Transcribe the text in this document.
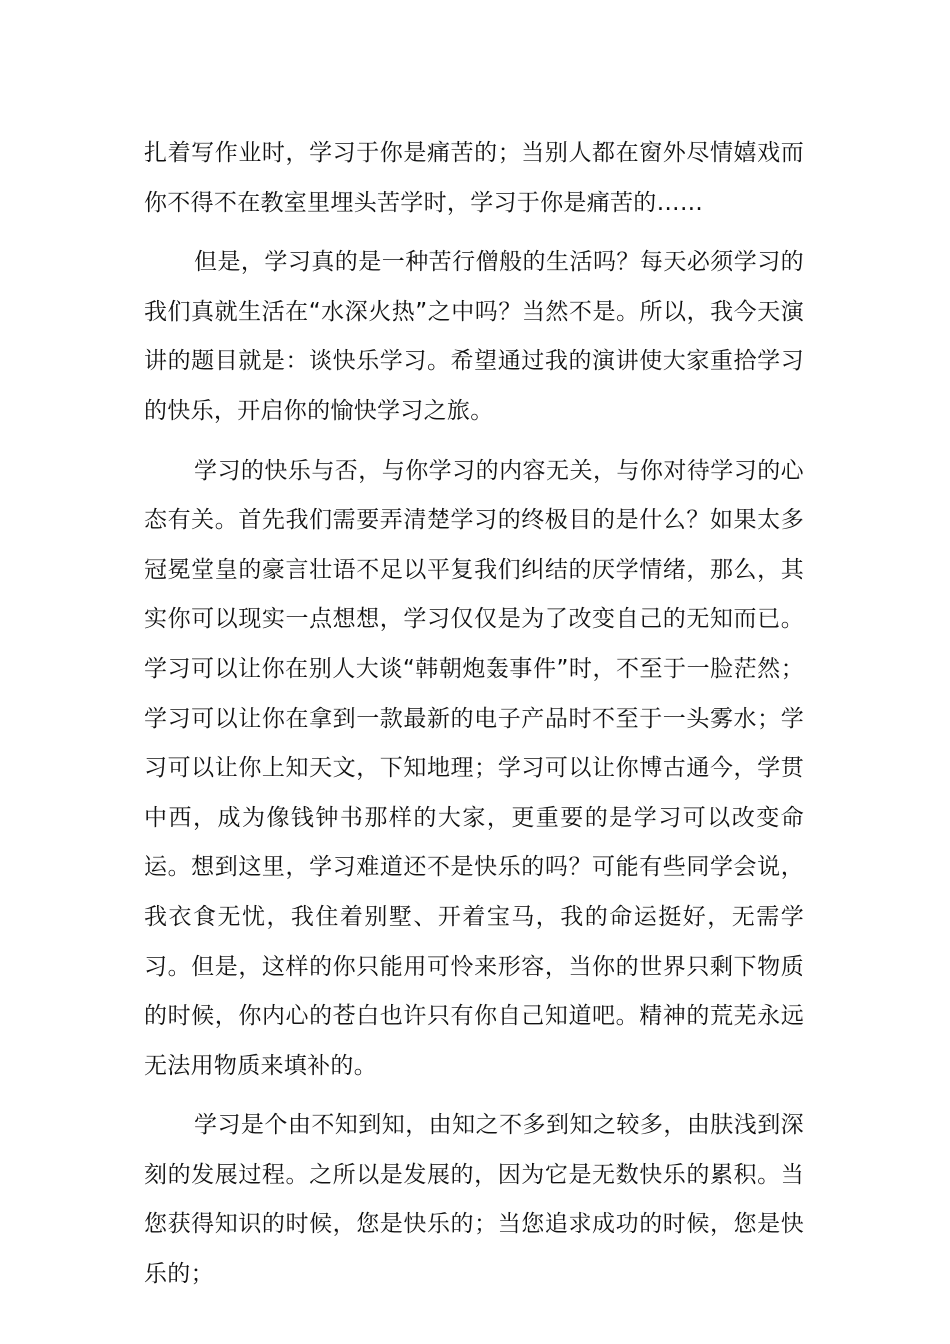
扎着写作业时，学习于你是痛苦的；当别人都在窗外尽情嬉戏而你不得不在教室里埋头苦学时，学习于你是痛苦的……

但是，学习真的是一种苦行僧般的生活吗？每天必须学习的我们真就生活在“水深火热”之中吗？当然不是。所以，我今天演讲的题目就是：谈快乐学习。希望通过我的演讲使大家重拾学习的快乐，开启你的愉快学习之旅。

学习的快乐与否，与你学习的内容无关，与你对待学习的心态有关。首先我们需要弄清楚学习的终极目的是什么？如果太多冠冕堂皇的豪言壮语不足以平复我们纠结的厌学情绪，那么，其实你可以现实一点想想，学习仅仅是为了改变自己的无知而已。学习可以让你在别人大谈“韩朝炮轰事件”时，不至于一脸茫然；学习可以让你在拿到一款最新的电子产品时不至于一头雾水；学习可以让你上知天文，下知地理；学习可以让你博古通今，学贯中西，成为像钱钟书那样的大家，更重要的是学习可以改变命运。想到这里，学习难道还不是快乐的吗？可能有些同学会说，我衣食无忧，我住着别墅、开着宝马，我的命运挺好，无需学习。但是，这样的你只能用可怜来形容，当你的世界只剩下物质的时候，你内心的苍白也许只有你自己知道吧。精神的荒芜永远无法用物质来填补的。

学习是个由不知到知，由知之不多到知之较多，由肤浅到深刻的发展过程。之所以是发展的，因为它是无数快乐的累积。当您获得知识的时候，您是快乐的；当您追求成功的时候，您是快乐的；
